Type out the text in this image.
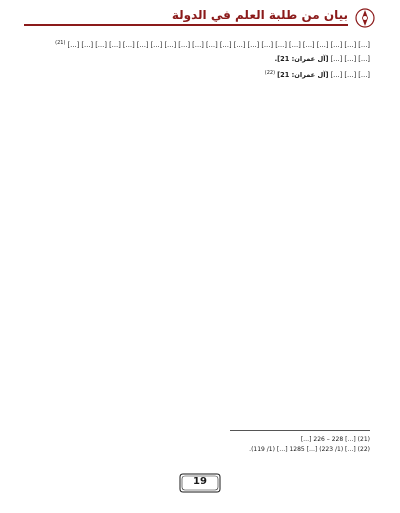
بيان من طلبة العلم في الدولة
[…] […] […] […] […] […] […] […] […] […] […] […] […] […] […] […] […] […] […] […] […] […] $^{(21)}$
[…] […] […] [آل عمران: 21].
[…] […] […] [آل عمران: 21] $^{(22)}$

(21) […] 228 – 226 […]

(22) […] (1/ 223) […] 1285 […] (1/ 119).

19
